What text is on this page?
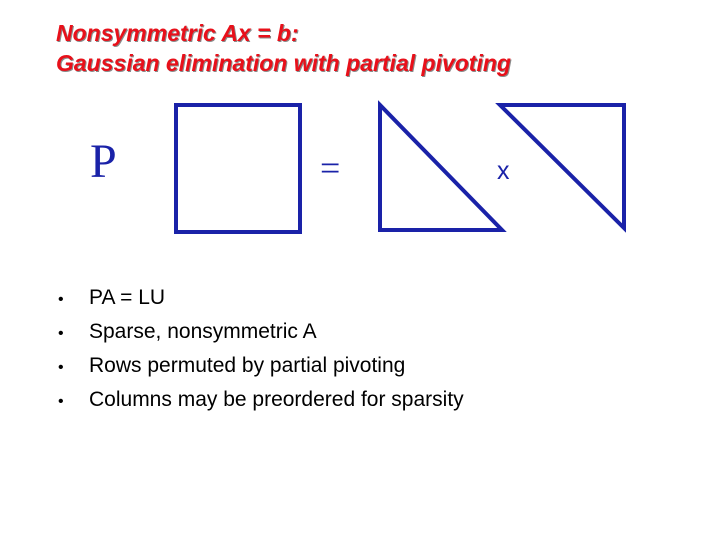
Nonsymmetric Ax = b:
Gaussian elimination with partial pivoting
P	=	x
•	PA = LU
•	Sparse, nonsymmetric A
•	Rows permuted by partial pivoting
•	Columns may be preordered for sparsity
